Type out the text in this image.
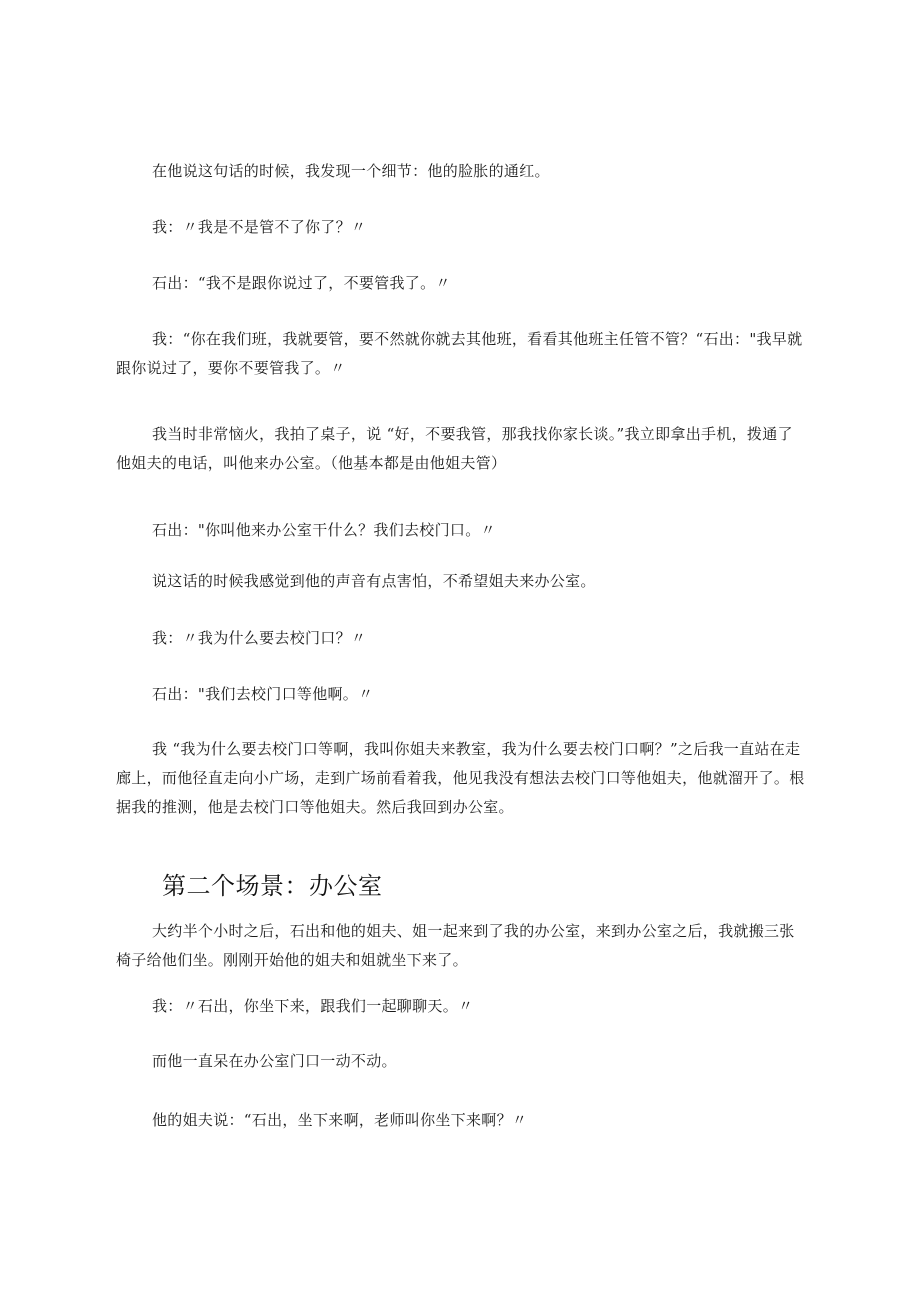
在他说这句话的时候，我发现一个细节：他的脸胀的通红。

我：〃我是不是管不了你了？〃

石出：“我不是跟你说过了，不要管我了。〃

我：“你在我们班，我就要管，要不然就你就去其他班，看看其他班主任管不管？“石出："我早就跟你说过了，要你不要管我了。〃

我当时非常恼火，我拍了桌子，说 “好，不要我管，那我找你家长谈。”我立即拿出手机，拨通了他姐夫的电话，叫他来办公室。（他基本都是由他姐夫管）

石出："你叫他来办公室干什么？我们去校门口。〃

说这话的时候我感觉到他的声音有点害怕，不希望姐夫来办公室。

我：〃我为什么要去校门口？〃

石出："我们去校门口等他啊。〃

我 “我为什么要去校门口等啊，我叫你姐夫来教室，我为什么要去校门口啊？”之后我一直站在走廊上，而他径直走向小广场，走到广场前看着我，他见我没有想法去校门口等他姐夫，他就溜开了。根据我的推测，他是去校门口等他姐夫。然后我回到办公室。

第二个场景：办公室

大约半个小时之后，石出和他的姐夫、姐一起来到了我的办公室，来到办公室之后，我就搬三张椅子给他们坐。刚刚开始他的姐夫和姐就坐下来了。

我：〃石出，你坐下来，跟我们一起聊聊天。〃

而他一直呆在办公室门口一动不动。

他的姐夫说：“石出，坐下来啊，老师叫你坐下来啊？〃
